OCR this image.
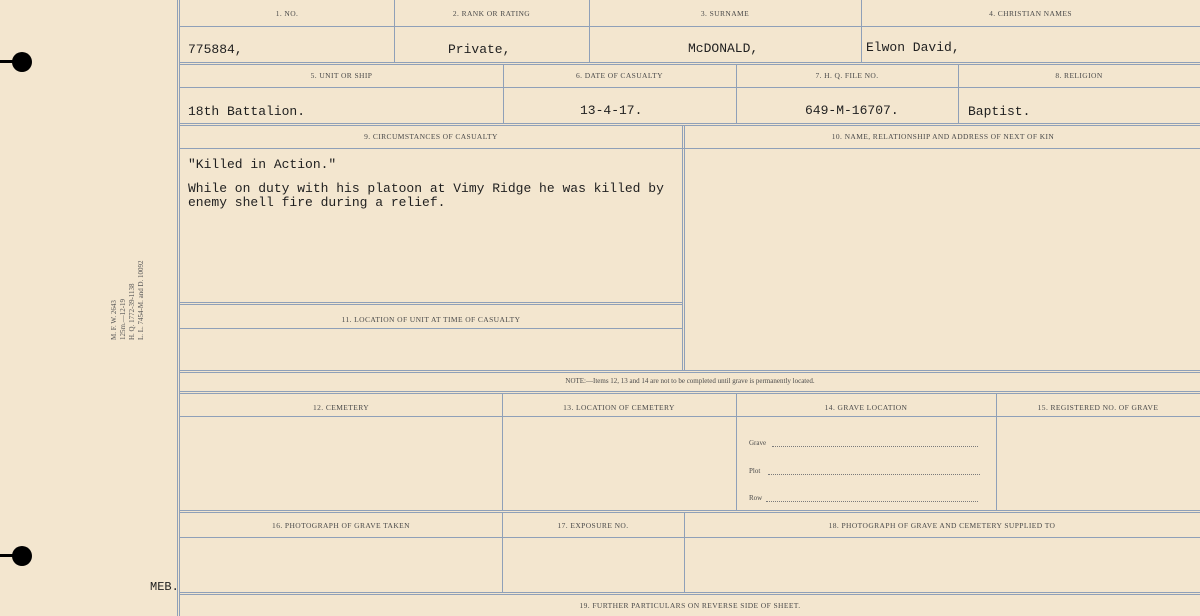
M. F. W. 2643 125m.—12-19 H. Q. 1772-39-1138 L. L. 7454-M. and D. 10092
1. NO.	2. RANK OR RATING	3. SURNAME	4. CHRISTIAN NAMES
775884,	Private,	McDONALD,	Elwon David,
5. UNIT OR SHIP	6. DATE OF CASUALTY	7. H. Q. FILE NO.	8. RELIGION
18th Battalion.	13-4-17.	649-M-16707.	Baptist.
9. CIRCUMSTANCES OF CASUALTY	10. NAME, RELATIONSHIP AND ADDRESS OF NEXT OF KIN
"Killed in Action."
While on duty with his platoon at Vimy Ridge he was killed by
enemy shell fire during a relief.
11. LOCATION OF UNIT AT TIME OF CASUALTY
NOTE:—Items 12, 13 and 14 are not to be completed until grave is permanently located.
12. CEMETERY	13. LOCATION OF CEMETERY	14. GRAVE LOCATION	15. REGISTERED NO. OF GRAVE
Grave
Plot
Row
16. PHOTOGRAPH OF GRAVE TAKEN	17. EXPOSURE NO.	18. PHOTOGRAPH OF GRAVE AND CEMETERY SUPPLIED TO
19. FURTHER PARTICULARS ON REVERSE SIDE OF SHEET.
MEB.
